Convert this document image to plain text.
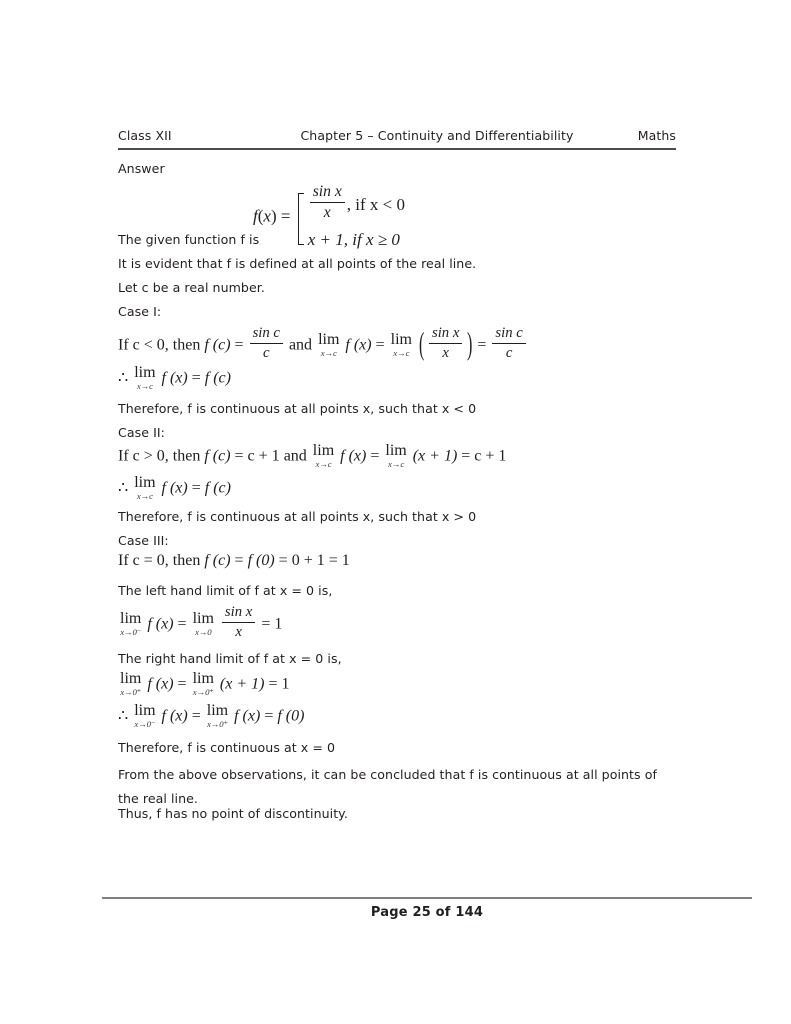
Class XII	Chapter 5 – Continuity and Differentiability	Maths
Answer
$f(x) = \frac{\text{sin x}}{x}$ , if x < 0
x + 1, if x ≥ 0
The given function f is
It is evident that f is defined at all points of the real line.
Let c be a real number.
Case I:
If c < 0, then f $(c) = \frac{\text{sin c}}{c}$ and lim
x→c f (x) = lim
x→c
( $\frac{\text{sin x}}{x}$
) = $\frac{\text{sin c}}{c}$
∴ lim
x→c f (x) = f (c)
Therefore, f is continuous at all points x, such that x < 0
Case II:
If c > 0, then f (c) = c + 1 and lim
x→c f (x) = lim
x→c (x + 1) = c + 1
∴ lim
x→c f (x) = f (c)
Therefore, f is continuous at all points x, such that x > 0
Case III:
If c = 0, then f (c) = f (0) = 0 + 1 = 1
The left hand limit of f at x = 0 is,
lim
x→0⁻ f (x) = lim
x→0
$\frac{\text{sin x}}{x} = 1$
The right hand limit of f at x = 0 is,
lim
x→0⁺ f (x) = lim
x→0⁺ (x + 1) = 1
∴ lim
x→0⁻ f (x) = lim
x→0⁺ f (x) = f (0)
Therefore, f is continuous at x = 0
From the above observations, it can be concluded that f is continuous at all points of the real line.
Thus, f has no point of discontinuity.
Page 25 of 144
